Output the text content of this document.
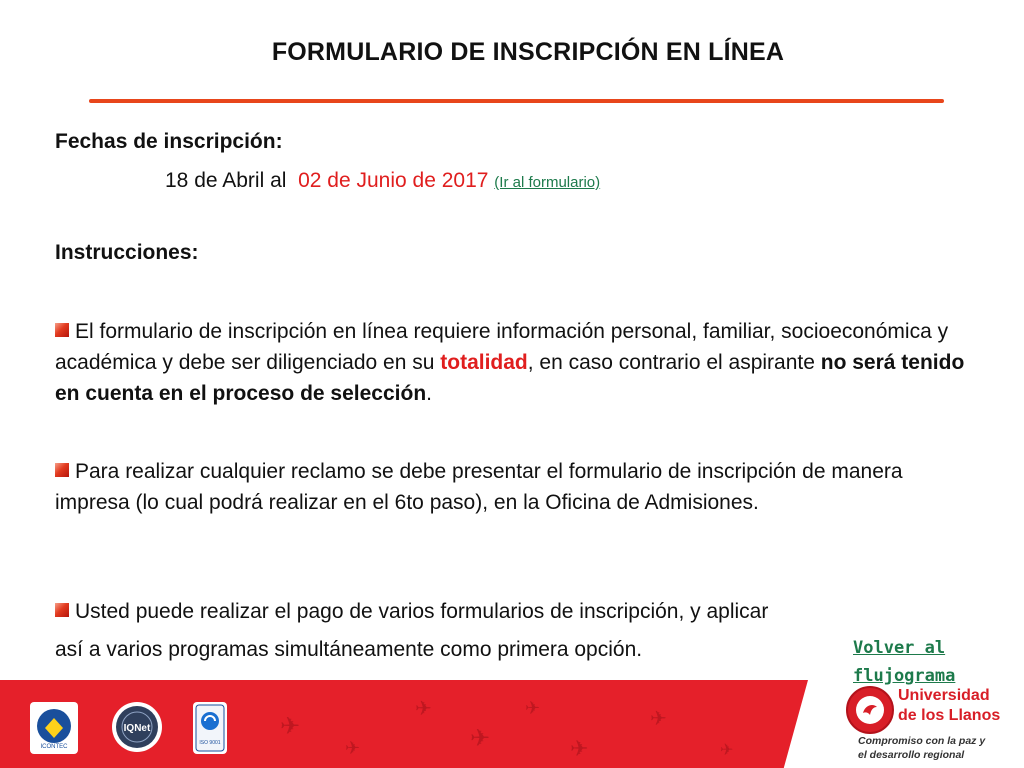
FORMULARIO DE INSCRIPCIÓN EN LÍNEA
Fechas de inscripción:
18 de Abril al 02 de Junio de 2017 (Ir al formulario)
Instrucciones:
El formulario de inscripción en línea requiere información personal, familiar, socioeconómica y académica y debe ser diligenciado en su totalidad, en caso contrario el aspirante no será tenido en cuenta en el proceso de selección.
Para realizar cualquier reclamo se debe presentar el formulario de inscripción de manera impresa (lo cual podrá realizar en el 6to paso), en la Oficina de Admisiones.
Usted puede realizar el pago de varios formularios de inscripción, y aplicar
así a varios programas simultáneamente como primera opción.	Volver al
flujograma
✈
✈
✈
✈
✈
✈
✈
✈
ICONTEC
IQNet
ISO 9001
Universidad
de los Llanos
Compromiso con la paz y
el desarrollo regional
